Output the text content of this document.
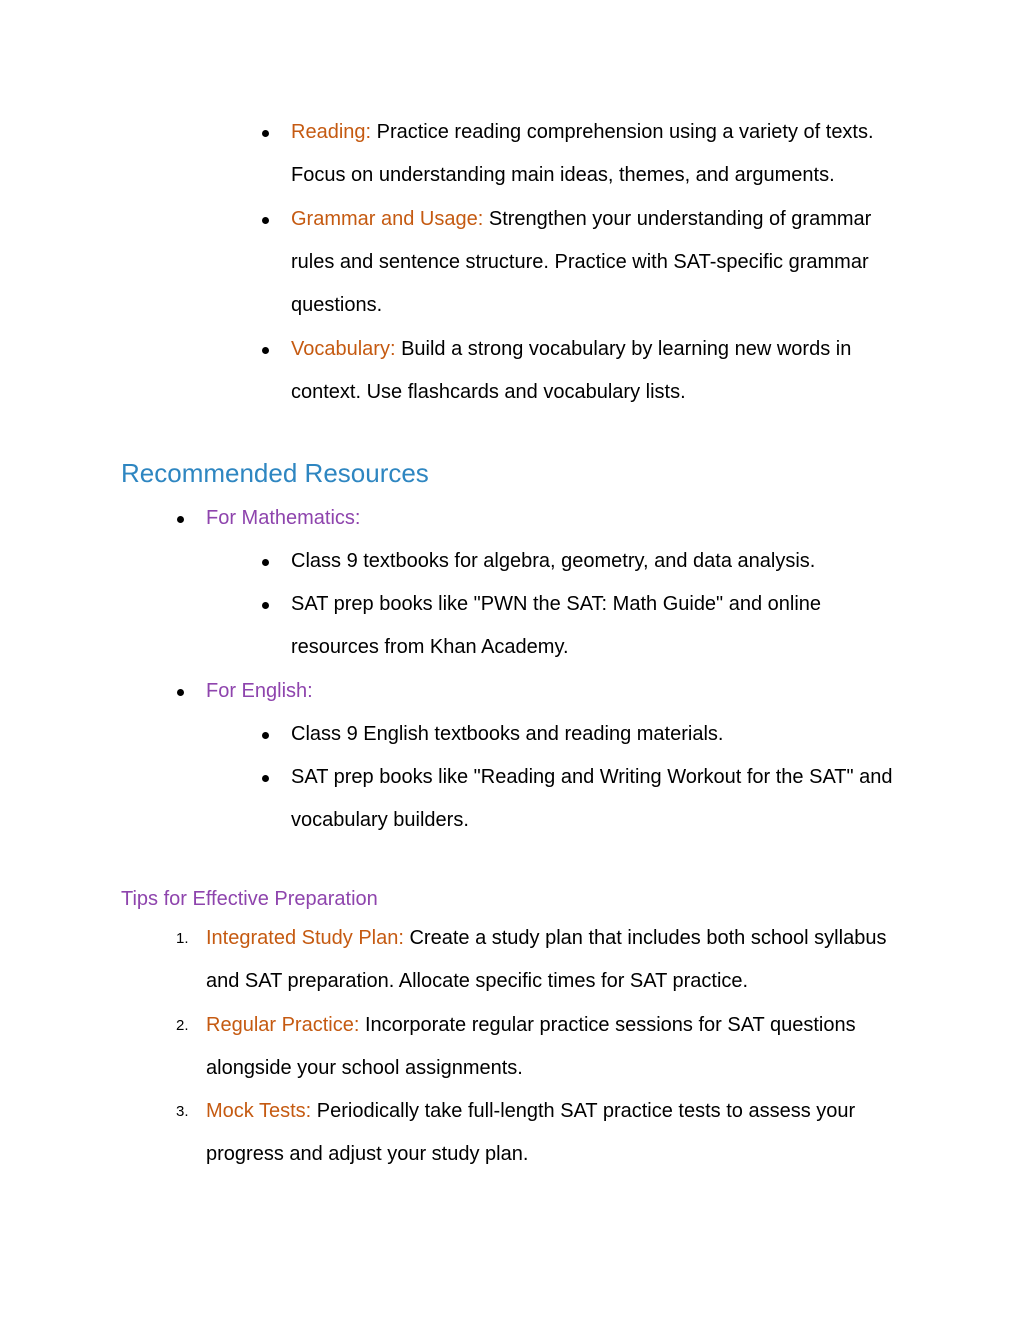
Reading: Practice reading comprehension using a variety of texts.
Focus on understanding main ideas, themes, and arguments.
Grammar and Usage: Strengthen your understanding of grammar
rules and sentence structure. Practice with SAT-specific grammar
questions.
Vocabulary: Build a strong vocabulary by learning new words in
context. Use flashcards and vocabulary lists.
Recommended Resources
For Mathematics:
Class 9 textbooks for algebra, geometry, and data analysis.
SAT prep books like "PWN the SAT: Math Guide" and online
resources from Khan Academy.
For English:
Class 9 English textbooks and reading materials.
SAT prep books like "Reading and Writing Workout for the SAT" and
vocabulary builders.
Tips for Effective Preparation
1. Integrated Study Plan: Create a study plan that includes both school syllabus
and SAT preparation. Allocate specific times for SAT practice.
2. Regular Practice: Incorporate regular practice sessions for SAT questions
alongside your school assignments.
3. Mock Tests: Periodically take full-length SAT practice tests to assess your
progress and adjust your study plan.
